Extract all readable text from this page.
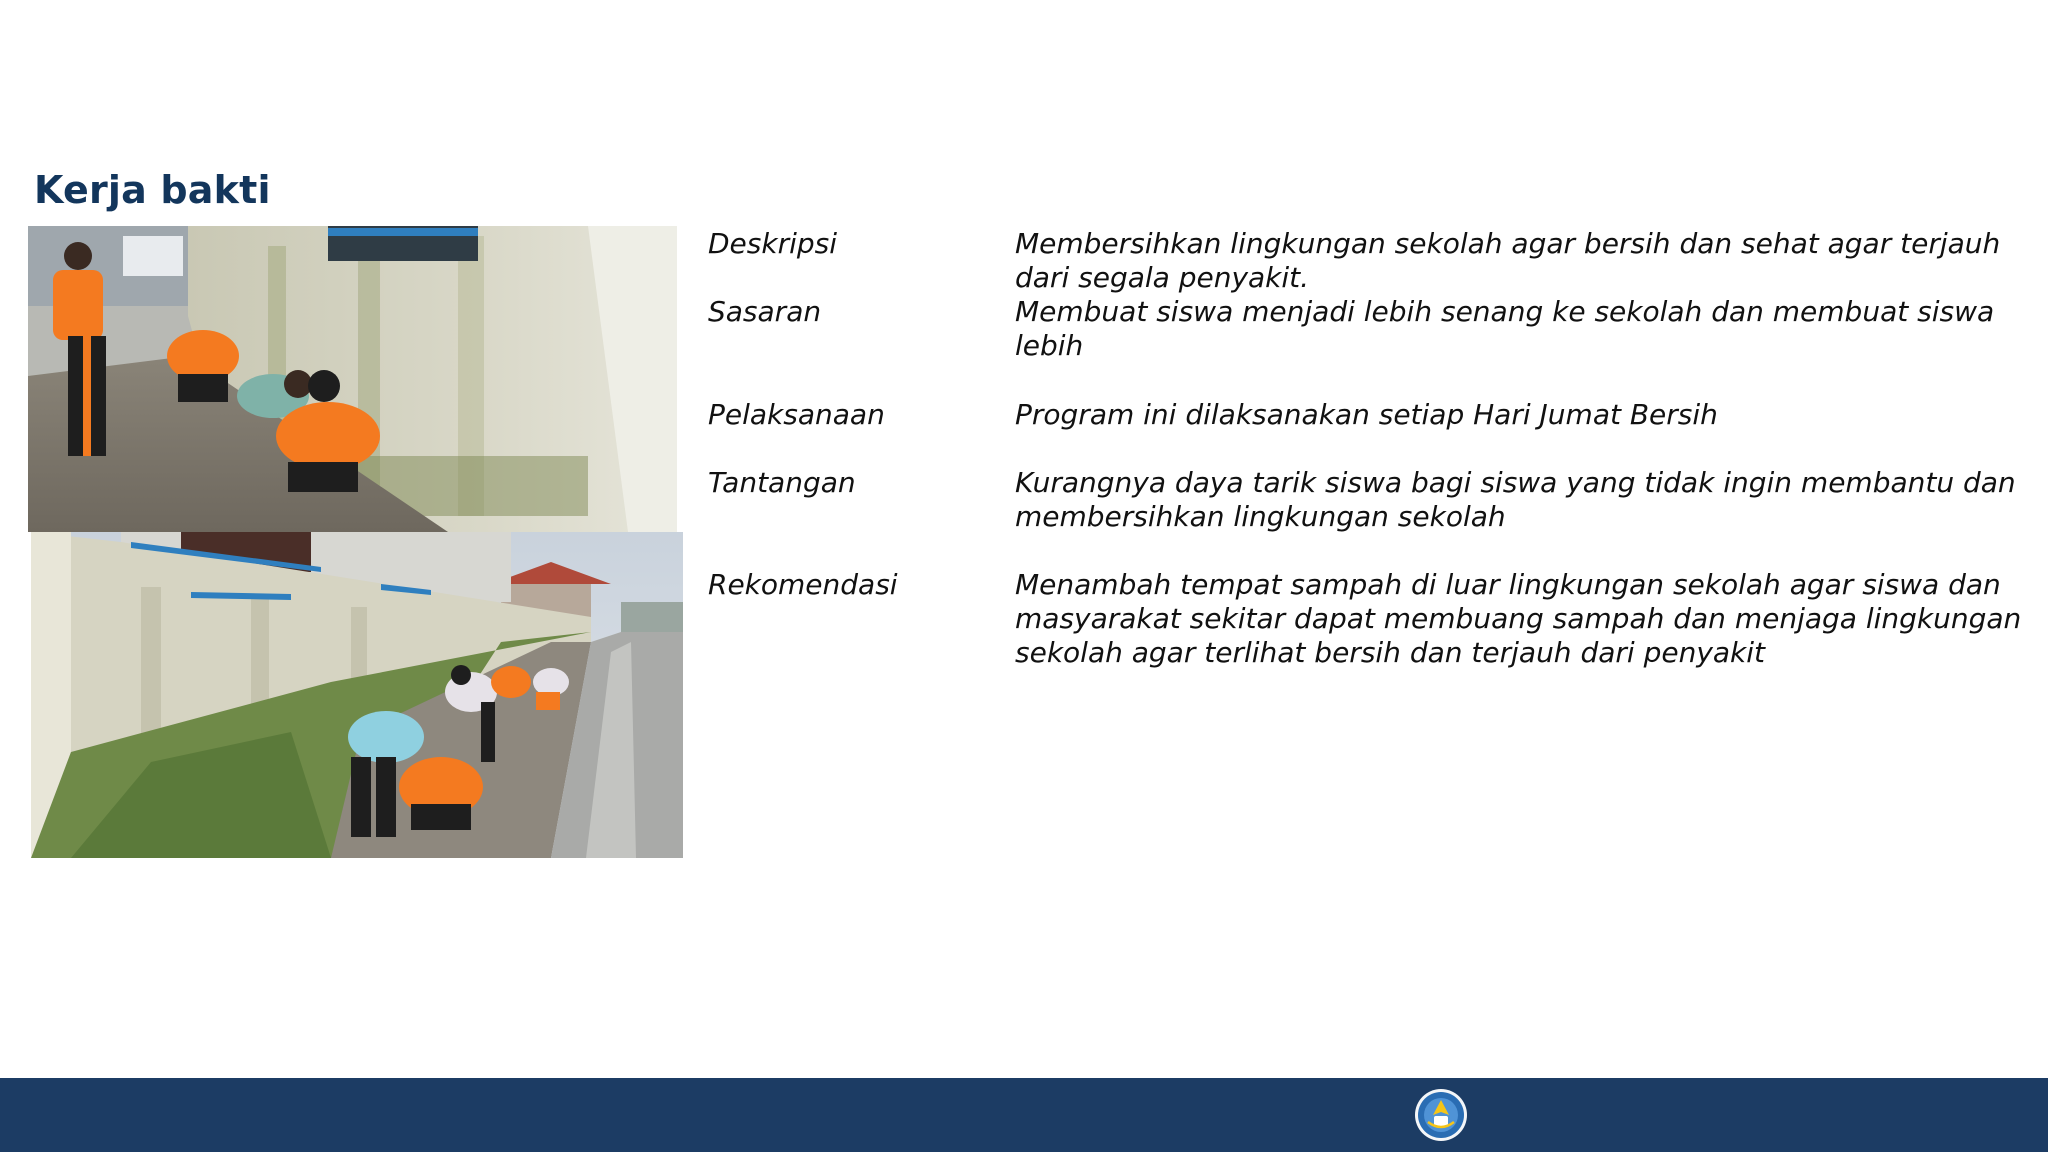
Kerja bakti
Deskripsi	Membersihkan lingkungan sekolah agar bersih dan sehat agar terjauh dari segala penyakit.
Sasaran	Membuat siswa menjadi lebih senang ke sekolah dan membuat siswa lebih
Pelaksanaan	Program ini dilaksanakan setiap Hari Jumat Bersih
Tantangan	Kurangnya daya tarik siswa bagi siswa yang tidak ingin membantu dan membersihkan lingkungan sekolah
Rekomendasi	Menambah tempat sampah di luar lingkungan sekolah agar siswa dan masyarakat sekitar dapat membuang sampah dan menjaga lingkungan sekolah agar terlihat bersih dan terjauh dari penyakit
